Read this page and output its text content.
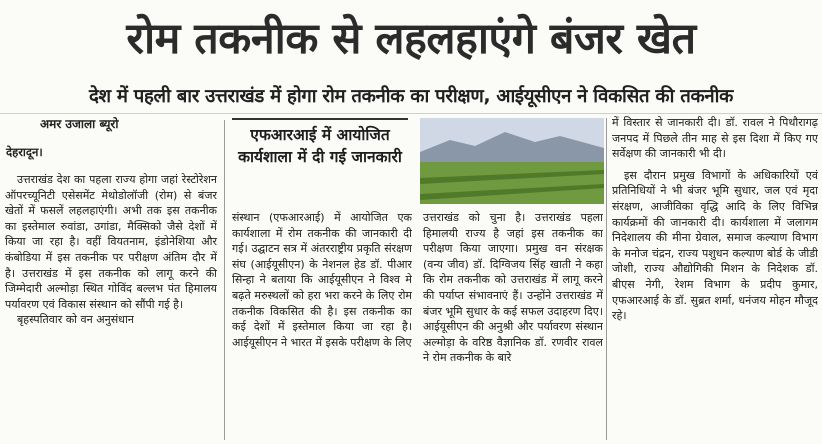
रोम तकनीक से लहलहाएंगे बंजर खेत
देश में पहली बार उत्तराखंड में होगा रोम तकनीक का परीक्षण, आईयूसीएन ने विकसित की तकनीक
अमर उजाला ब्यूरो
देहरादून।

उत्तराखंड देश का पहला राज्य होगा जहां रेस्टोरेशन ऑपरच्यूनिटी एसेसमेंट मेथोडोलॉजी (रोम) से बंजर खेतों में फसलें लहलहाएंगी। अभी तक इस तकनीक का इस्तेमाल रुवांडा, उगांडा, मैक्सिको जैसे देशों में किया जा रहा है। वहीं वियतनाम, इंडोनेशिया और कंबोडिया में इस तकनीक पर परीक्षण अंतिम दौर में है। उत्तराखंड में इस तकनीक को लागू करने की जिम्मेदारी अल्मोड़ा स्थित गोविंद बल्लभ पंत हिमालय पर्यावरण एवं विकास संस्थान को सौंपी गई है।

बृहस्पतिवार को वन अनुसंधान

एफआरआई में आयोजित कार्यशाला में दी गई जानकारी

संस्थान (एफआरआई) में आयोजित एक कार्यशाला में रोम तकनीक की जानकारी दी गई। उद्घाटन सत्र में अंतरराष्ट्रीय प्रकृति संरक्षण संघ (आईयूसीएन) के नेशनल हेड डॉ. पीआर सिन्हा ने बताया कि आईयूसीएन ने विश्व मे बढ़ते मरुस्थलों को हरा भरा करने के लिए रोम तकनीक विकसित की है। इस तकनीक का कई देशों में इस्तेमाल किया जा रहा है। आईयूसीएन ने भारत में इसके परीक्षण के लिए

उत्तराखंड को चुना है। उत्तराखंड पहला हिमालयी राज्य है जहां इस तकनीक का परीक्षण किया जाएगा। प्रमुख वन संरक्षक (वन्य जीव) डॉ. दिग्विजय सिंह खाती ने कहा कि रोम तकनीक को उत्तराखंड में लागू करने की पर्याप्त संभावनाएं हैं। उन्होंने उत्तराखंड में बंजर भूमि सुधार के कई सफल उदाहरण दिए। आईयूसीएन की अनुश्री और पर्यावरण संस्थान अल्मोड़ा के वरिष्ठ वैज्ञानिक डॉ. रणवीर रावल ने रोम तकनीक के बारे

में विस्तार से जानकारी दी। डॉ. रावल ने पिथौरागढ़ जनपद में पिछले तीन माह से इस दिशा में किए गए सर्वेक्षण की जानकारी भी दी।

इस दौरान प्रमुख विभागों के अधिकारियों एवं प्रतिनिधियों ने भी बंजर भूमि सुधार, जल एवं मृदा संरक्षण, आजीविका वृद्धि आदि के लिए विभिन्न कार्यक्रमों की जानकारी दी। कार्यशाला में जलागम निदेशालय की मीना ग्रेवाल, समाज कल्याण विभाग के मनोज चंद्रन, राज्य पशुधन कल्याण बोर्ड के जीडी जोशी, राज्य औद्योगिकी मिशन के निदेशक डॉ. बीएस नेगी, रेशम विभाग के प्रदीप कुमार, एफआरआई के डॉ. सुब्रत शर्मा, धनंजय मोहन मौजूद रहे।
